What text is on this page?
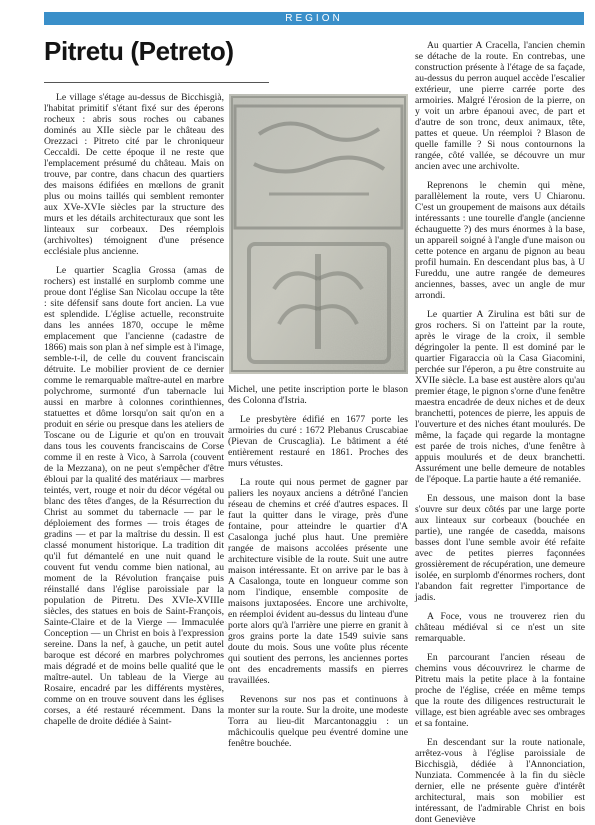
REGION
Pitretu (Petreto)

Le village s'étage au-dessus de Bicchisgià, l'habitat primitif s'étant fixé sur des éperons rocheux : abris sous roches ou cabanes dominés au XIIe siècle par le château des Orezzaci : Pitreto cité par le chroniqueur Ceccaldi. De cette époque il ne reste que l'emplacement présumé du château. Mais on trouve, par contre, dans chacun des quartiers des maisons édifiées en mœllons de granit plus ou moins taillés qui semblent remonter aux XVe-XVIe siècles par la structure des murs et les détails architecturaux que sont les linteaux sur corbeaux. Des réemplois (archivoltes) témoignent d'une présence ecclésiale plus ancienne.

Le quartier Scaglia Grossa (amas de rochers) est installé en surplomb comme une proue dont l'église San Nicolau occupe la tête : site défensif sans doute fort ancien. La vue est splendide. L'église actuelle, reconstruite dans les années 1870, occupe le même emplacement que l'ancienne (cadastre de 1866) mais son plan à nef simple est à l'image, semble-t-il, de celle du couvent franciscain détruite. Le mobilier provient de ce dernier comme le remarquable maître-autel en marbre polychrome, surmonté d'un tabernacle lui aussi en marbre à colonnes corinthiennes, statuettes et dôme lorsqu'on sait qu'on en a produit en série ou presque dans les ateliers de Toscane ou de Ligurie et qu'on en trouvait dans tous les couvents franciscains de Corse comme il en reste à Vico, à Sarrola (couvent de la Mezzana), on ne peut s'empêcher d'être ébloui par la qualité des matériaux — marbres teintés, vert, rouge et noir du décor végétal ou blanc des têtes d'anges, de la Résurrection du Christ au sommet du tabernacle — par le déploiement des formes — trois étages de gradins — et par la maîtrise du dessin. Il est classé monument historique. La tradition dit qu'il fut démantelé en une nuit quand le couvent fut vendu comme bien national, au moment de la Révolution française puis réinstallé dans l'église paroissiale par la population de Pitretu. Des XVIe-XVIIIe siècles, des statues en bois de Saint-François, Sainte-Claire et de la Vierge — Immaculée Conception — un Christ en bois à l'expression sereine. Dans la nef, à gauche, un petit autel baroque est décoré en marbres polychromes mais dégradé et de moins belle qualité que le maître-autel. Un tableau de la Vierge au Rosaire, encadré par les différents mystères, comme on en trouve souvent dans les églises corses, a été restauré récemment. Dans la chapelle de droite dédiée à Saint-

Michel, une petite inscription porte le blason des Colonna d'Istria.

Le presbytère édifié en 1677 porte les armoiries du curé : 1672 Plebanus Cruscabiae (Pievan de Cruscaglia). Le bâtiment a été entièrement restauré en 1861. Proches des murs vétustes.

La route qui nous permet de gagner par paliers les noyaux anciens a détrôné l'ancien réseau de chemins et créé d'autres espaces. Il faut la quitter dans le virage, près d'une fontaine, pour atteindre le quartier d'A Casalonga juché plus haut. Une première rangée de maisons accolées présente une architecture visible de la route. Suit une autre maison intéressante. Et on arrive par le bas à A Casalonga, toute en longueur comme son nom l'indique, ensemble composite de maisons juxtaposées. Encore une archivolte, en réemploi évident au-dessus du linteau d'une porte alors qu'à l'arrière une pierre en granit à gros grains porte la date 1549 suivie sans doute du mois. Sous une voûte plus récente qui soutient des perrons, les anciennes portes ont des encadrements massifs en pierres travaillées.

Revenons sur nos pas et continuons à monter sur la route. Sur la droite, une modeste Torra au lieu-dit Marcantonaggiu : un mâchicoulis quelque peu éventré domine une fenêtre bouchée.

Au quartier A Cracella, l'ancien chemin se détache de la route. En contrebas, une construction présente à l'étage de sa façade, au-dessus du perron auquel accède l'escalier extérieur, une pierre carrée porte des armoiries. Malgré l'érosion de la pierre, on y voit un arbre épanoui avec, de part et d'autre de son tronc, deux animaux, tête, pattes et queue. Un réemploi ? Blason de quelle famille ? Si nous contournons la rangée, côté vallée, se découvre un mur ancien avec une archivolte.

Reprenons le chemin qui mène, parallèlement la route, vers U Chiaronu. C'est un groupement de maisons aux détails intéressants : une tourelle d'angle (ancienne échauguette ?) des murs énormes à la base, un appareil soigné à l'angle d'une maison ou cette potence en arganu de pignon au beau profil humain. En descendant plus bas, à U Fureddu, une autre rangée de demeures anciennes, basses, avec un angle de mur arrondi.

Le quartier A Zirulina est bâti sur de gros rochers. Si on l'atteint par la route, après le virage de la croix, il semble dégringoler la pente. Il est dominé par le quartier Figaraccia où la Casa Giacomini, perchée sur l'éperon, a pu être construite au XVIIe siècle. La base est austère alors qu'au premier étage, le pignon s'orne d'une fenêtre maestra encadrée de deux niches et de deux branchetti, potences de pierre, les appuis de l'ouverture et des niches étant moulurés. De même, la façade qui regarde la montagne est parée de trois niches, d'une fenêtre à appuis moulurés et de deux branchetti. Assurément une belle demeure de notables de l'époque. La partie haute a été remaniée.

En dessous, une maison dont la base s'ouvre sur deux côtés par une large porte aux linteaux sur corbeaux (bouchée en partie), une rangée de casedda, maisons basses dont l'une semble avoir été refaite avec de petites pierres façonnées grossièrement de récupération, une demeure isolée, en surplomb d'énormes rochers, dont l'abandon fait regretter l'importance de jadis.

A Foce, vous ne trouverez rien du château médiéval si ce n'est un site remarquable.

En parcourant l'ancien réseau de chemins vous découvrirez le charme de Pitretu mais la petite place à la fontaine proche de l'église, créée en même temps que la route des diligences restructurait le village, est bien agréable avec ses ombrages et sa fontaine.

En descendant sur la route nationale, arrêtez-vous à l'église paroissiale de Bicchisgià, dédiée à l'Annonciation, Nunziata. Commencée à la fin du siècle dernier, elle ne présente guère d'intérêt architectural, mais son mobilier est intéressant, de l'admirable Christ en bois dont Geneviève
